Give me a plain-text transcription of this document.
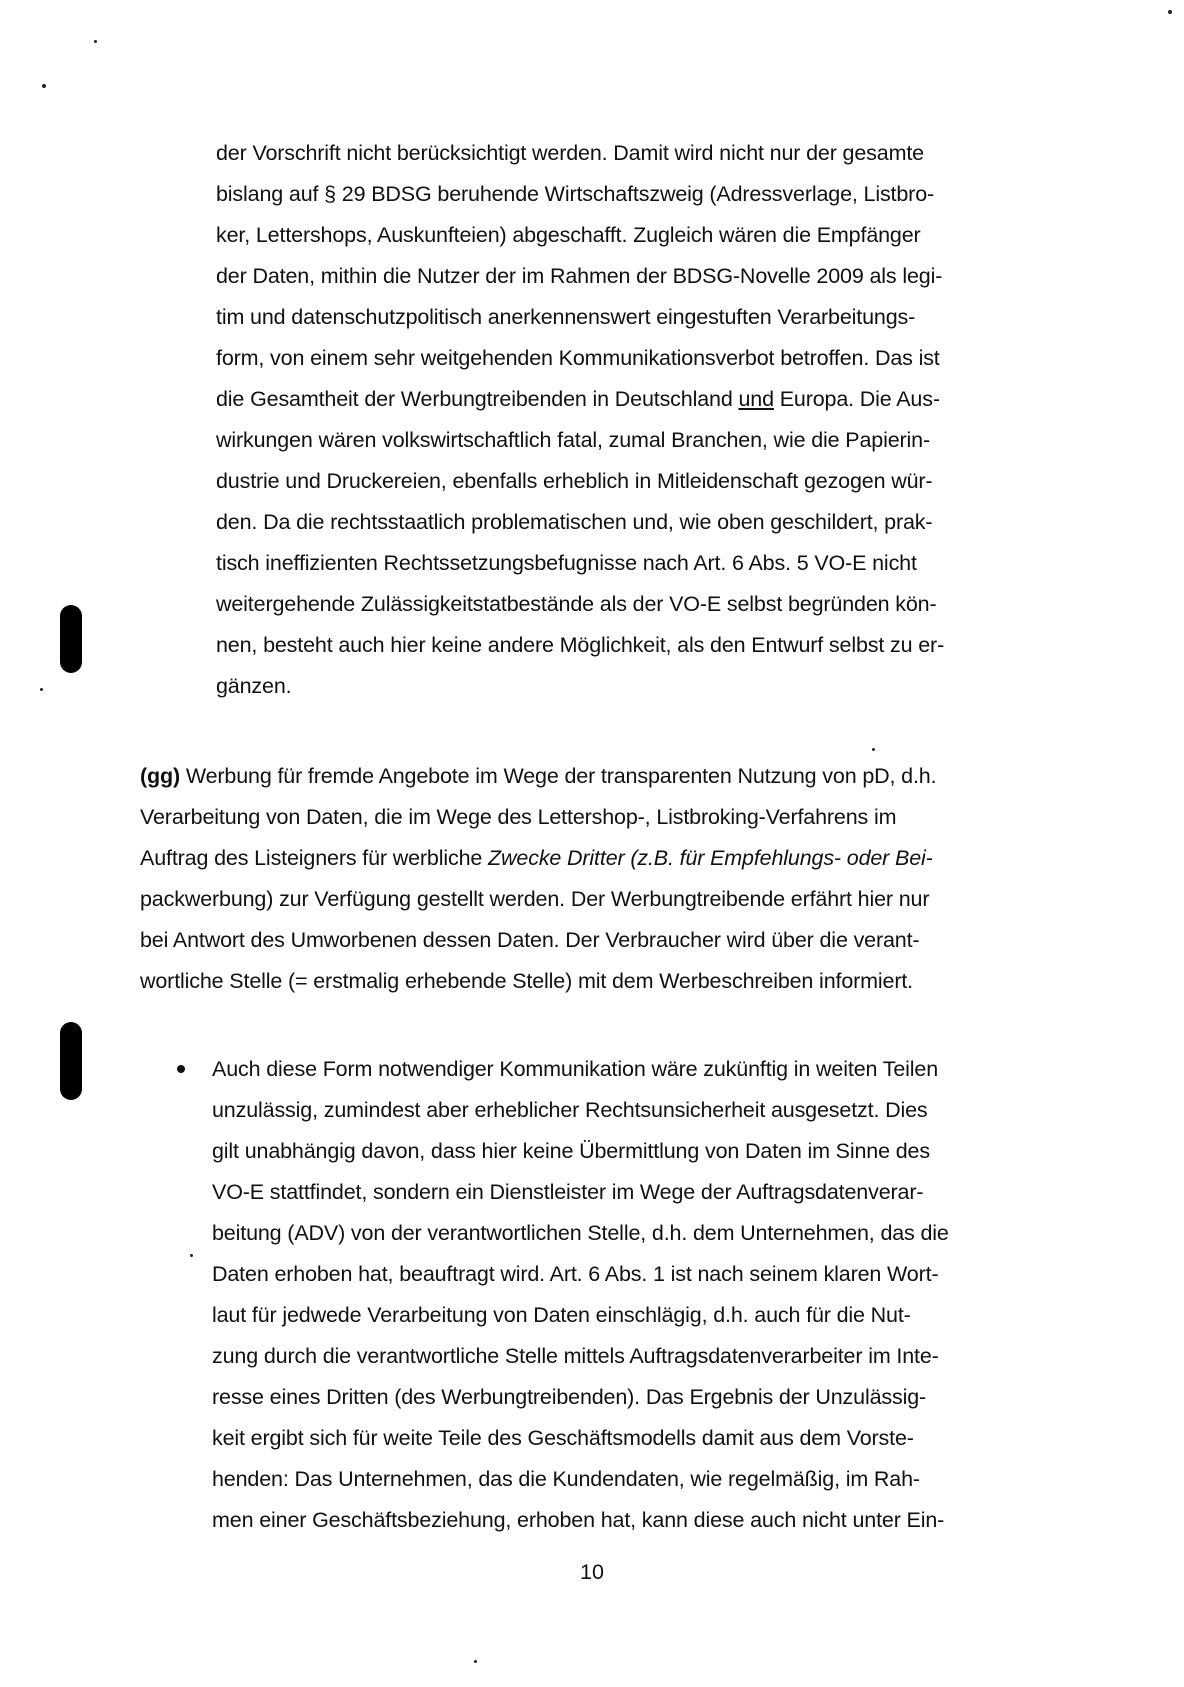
der Vorschrift nicht berücksichtigt werden. Damit wird nicht nur der gesamte
bislang auf § 29 BDSG beruhende Wirtschaftszweig (Adressverlage, Listbro-
ker, Lettershops, Auskunfteien) abgeschafft. Zugleich wären die Empfänger
der Daten, mithin die Nutzer der im Rahmen der BDSG-Novelle 2009 als legi-
tim und datenschutzpolitisch anerkennenswert eingestuften Verarbeitungs-
form, von einem sehr weitgehenden Kommunikationsverbot betroffen. Das ist
die Gesamtheit der Werbungtreibenden in Deutschland und Europa. Die Aus-
wirkungen wären volkswirtschaftlich fatal, zumal Branchen, wie die Papierin-
dustrie und Druckereien, ebenfalls erheblich in Mitleidenschaft gezogen wür-
den. Da die rechtsstaatlich problematischen und, wie oben geschildert, prak-
tisch ineffizienten Rechtssetzungsbefugnisse nach Art. 6 Abs. 5 VO-E nicht
weitergehende Zulässigkeitstatbestände als der VO-E selbst begründen kön-
nen, besteht auch hier keine andere Möglichkeit, als den Entwurf selbst zu er-
gänzen.
(gg) Werbung für fremde Angebote im Wege der transparenten Nutzung von pD, d.h.
Verarbeitung von Daten, die im Wege des Lettershop-, Listbroking-Verfahrens im
Auftrag des Listeigners für werbliche Zwecke Dritter (z.B. für Empfehlungs- oder Bei-
packwerbung) zur Verfügung gestellt werden. Der Werbungtreibende erfährt hier nur
bei Antwort des Umworbenen dessen Daten. Der Verbraucher wird über die verant-
wortliche Stelle (= erstmalig erhebende Stelle) mit dem Werbeschreiben informiert.
Auch diese Form notwendiger Kommunikation wäre zukünftig in weiten Teilen
unzulässig, zumindest aber erheblicher Rechtsunsicherheit ausgesetzt. Dies
gilt unabhängig davon, dass hier keine Übermittlung von Daten im Sinne des
VO-E stattfindet, sondern ein Dienstleister im Wege der Auftragsdatenverar-
beitung (ADV) von der verantwortlichen Stelle, d.h. dem Unternehmen, das die
Daten erhoben hat, beauftragt wird. Art. 6 Abs. 1 ist nach seinem klaren Wort-
laut für jedwede Verarbeitung von Daten einschlägig, d.h. auch für die Nut-
zung durch die verantwortliche Stelle mittels Auftragsdatenverarbeiter im Inte-
resse eines Dritten (des Werbungtreibenden). Das Ergebnis der Unzulässig-
keit ergibt sich für weite Teile des Geschäftsmodells damit aus dem Vorste-
henden: Das Unternehmen, das die Kundendaten, wie regelmäßig, im Rah-
men einer Geschäftsbeziehung, erhoben hat, kann diese auch nicht unter Ein-
10
